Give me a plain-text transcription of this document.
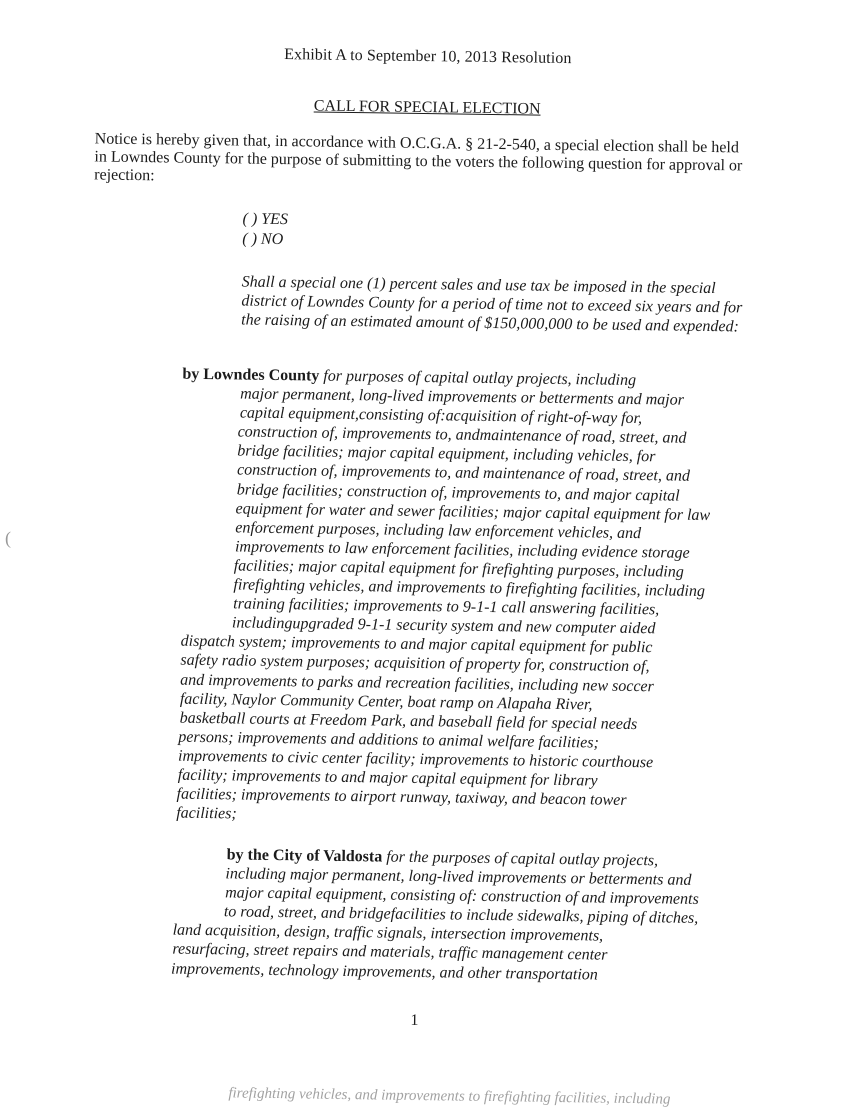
Exhibit A to September 10, 2013 Resolution
CALL FOR SPECIAL ELECTION
Notice is hereby given that, in accordance with O.C.G.A. § 21-2-540, a special election shall be held in Lowndes County for the purpose of submitting to the voters the following question for approval or rejection:
( ) YES
( ) NO
Shall a special one (1) percent sales and use tax be imposed in the special district of Lowndes County for a period of time not to exceed six years and for the raising of an estimated amount of $150,000,000 to be used and expended:
by Lowndes County for purposes of capital outlay projects, including
major permanent, long-lived improvements or betterments and major
capital equipment,consisting of:acquisition of right-of-way for,
construction of, improvements to, andmaintenance of road, street, and
bridge facilities; major capital equipment, including vehicles, for
construction of, improvements to, and maintenance of road, street, and
bridge facilities; construction of, improvements to, and major capital
equipment for water and sewer facilities; major capital equipment for law
enforcement purposes, including law enforcement vehicles, and
improvements to law enforcement facilities, including evidence storage
facilities; major capital equipment for firefighting purposes, including
firefighting vehicles, and improvements to firefighting facilities, including
training facilities; improvements to 9-1-1 call answering facilities,
includingupgraded 9-1-1 security system and new computer aided
dispatch system; improvements to and major capital equipment for public
safety radio system purposes; acquisition of property for, construction of,
and improvements to parks and recreation facilities, including new soccer
facility, Naylor Community Center, boat ramp on Alapaha River,
basketball courts at Freedom Park, and baseball field for special needs
persons; improvements and additions to animal welfare facilities;
improvements to civic center facility; improvements to historic courthouse
facility; improvements to and major capital equipment for library
facilities; improvements to airport runway, taxiway, and beacon tower
facilities;
by the City of Valdosta for the purposes of capital outlay projects,
including major permanent, long-lived improvements or betterments and
major capital equipment, consisting of: construction of and improvements
to road, street, and bridgefacilities to include sidewalks, piping of ditches,
land acquisition, design, traffic signals, intersection improvements,
resurfacing, street repairs and materials, traffic management center
improvements, technology improvements, and other transportation
1
firefighting vehicles, and improvements to firefighting facilities, including
(
